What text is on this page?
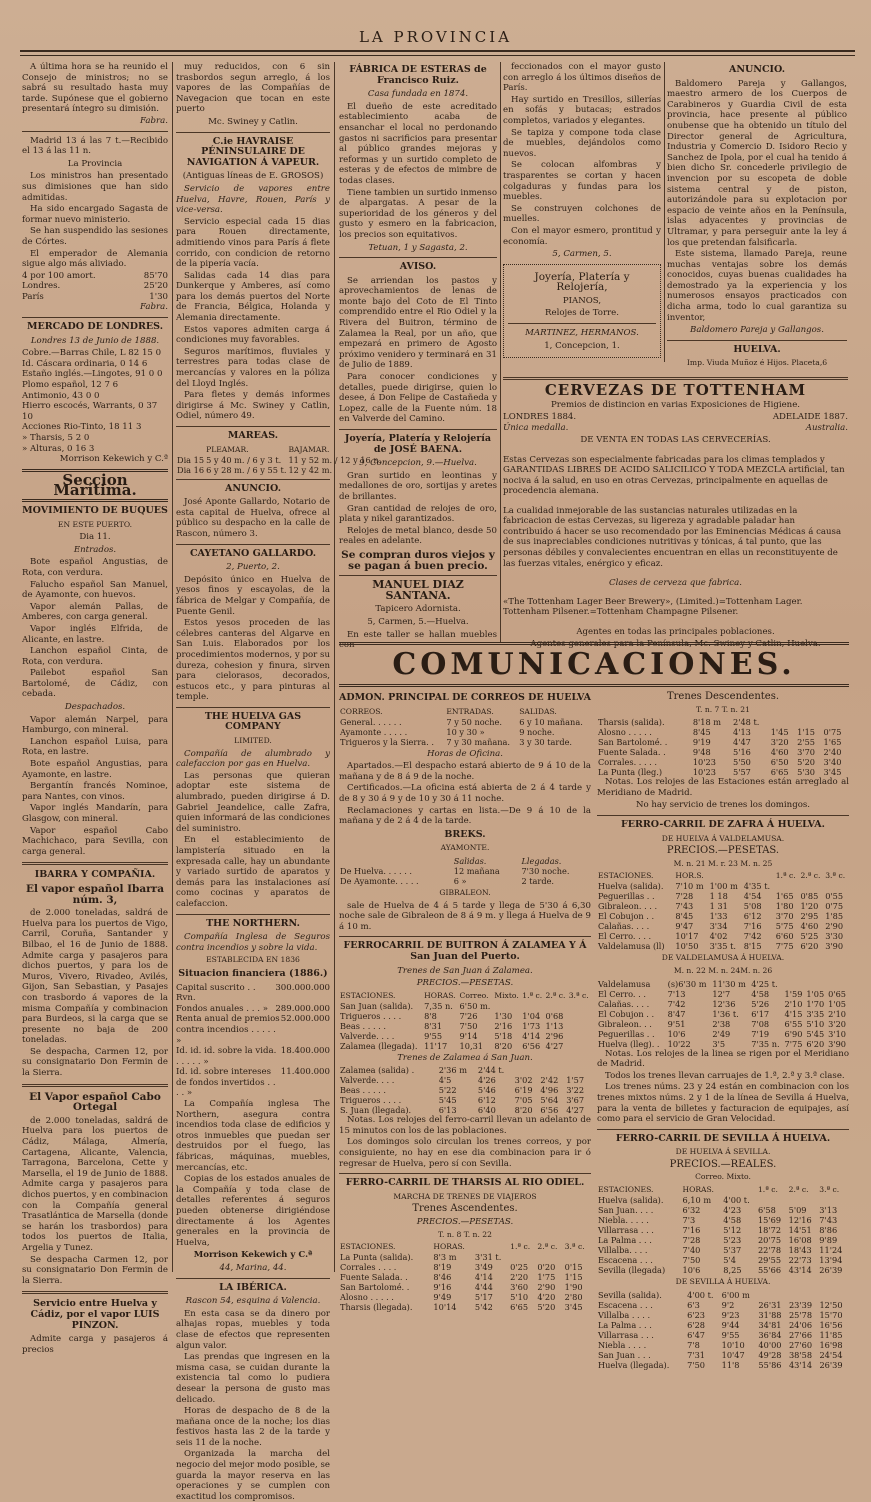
LA PROVINCIA

A última hora se ha reunido el Consejo de ministros; no se sabrá su resultado hasta muy tarde. Supónese que el gobierno presentará íntegro su dimisión.

Fabra.

Madrid 13 á las 7 t.—Recibido el 13 á las 11 n.

La Provincia

Los ministros han presentado sus dimisiones que han sido admitidas.

Ha sido encargado Sagasta de formar nuevo ministerio.

Se han suspendido las sesiones de Córtes.

El emperador de Alemania sigue algo más aliviado.

4 por 100 amort.	85'70
Londres.	25'20
París	1'30
Fabra.
MERCADO DE LONDRES.
Londres 13 de Junio de 1888.
Cobre.—Barras Chile, L 82 15 0
Id. Cáscara ordinaria, 0 14 6
Estaño inglés.—Lingotes, 91 0 0
Plomo español, 12 7 6
Antimonio, 43 0 0
Hierro escocés, Warrants, 0 37 10
Acciones Rio-Tinto, 18 11 3
» Tharsis, 5 2 0
» Alturas, 0 16 3
Morrison Kekewich y C.ª
Seccion Marítima.
MOVIMIENTO DE BUQUES
EN ESTE PUERTO.
Dia 11.
Entrados.

Bote español Angustias, de Rota, con verdura.

Falucho español San Manuel, de Ayamonte, con huevos.

Vapor alemán Pallas, de Amberes, con carga general.

Vapor inglés Elfrida, de Alicante, en lastre.

Lanchon español Cinta, de Rota, con verdura.

Pailebot español San Bartolomé, de Cádiz, con cebada.

Despachados.

Vapor alemán Narpel, para Hamburgo, con mineral.

Lanchon español Luisa, para Rota, en lastre.

Bote español Angustias, para Ayamonte, en lastre.

Bergantín francés Nominoe, para Nantes, con vinos.

Vapor inglés Mandarín, para Glasgow, con mineral.

Vapor español Cabo Machichaco, para Sevilla, con carga general.

IBARRA Y COMPAÑIA.
El vapor español Ibarra núm. 3,

de 2.000 toneladas, saldrá de Huelva para los puertos de Vigo, Carril, Coruña, Santander y Bilbao, el 16 de Junio de 1888. Admite carga y pasajeros para dichos puertos, y para los de Muros, Vivero, Rivadeo, Avilés, Gijon, San Sebastian, y Pasajes con trasbordo á vapores de la misma Compañía y combinacion para Burdeos, si la carga que se presente no baja de 200 toneladas.

Se despacha, Carmen 12, por su consignatario Don Fermin de la Sierra.

El Vapor español Cabo Ortegal

de 2.000 toneladas, saldrá de Huelva para los puertos de Cádiz, Málaga, Almería, Cartagena, Alicante, Valencia, Tarragona, Barcelona, Cette y Marsella, el 19 de Junio de 1888. Admite carga y pasajeros para dichos puertos, y en combinacion con la Compañía general Trasatlántica de Marsella (donde se harán los trasbordos) para todos los puertos de Italia, Argelia y Tunez.

Se despacha Carmen 12, por su consignatario Don Fermin de la Sierra.

Servicio entre Huelva y Cádiz, por el vapor LUIS PINZON.

Admite carga y pasajeros á precios

muy reducidos, con 6 sin trasbordos segun arreglo, á los vapores de las Compañías de Navegacion que tocan en este puerto

Mc. Swiney y Catlin.
C.ie HAVRAISE PÉNINSULAIRE DE NAVIGATION Á VAPEUR.
(Antiguas líneas de E. GROSOS)

Servicio de vapores entre Huelva, Havre, Rouen, París y vice-versa.

Servicio especial cada 15 dias para Rouen directamente, admitiendo vinos para París á flete corrido, con condicion de retorno de la pipería vacía.

Salidas cada 14 dias para Dunkerque y Amberes, así como para los demás puertos del Norte de Francia, Bélgica, Holanda y Alemania directamente.

Estos vapores admiten carga á condiciones muy favorables.

Seguros marítimos, fluviales y terrestres para todas clase de mercancías y valores en la póliza del Lloyd Inglés.

Para fletes y demás informes dirigirse á Mc. Swiney y Catlin, Odiel, número 49.

MAREAS.
	PLEAMAR.	BAJAMAR.
Dia 15	5 y 40 m. / 6 y 3 t.	11 y 52 m. / 12 y 16 n.
Dia 16	6 y 28 m. / 6 y 55 t.	12 y 42 m.
ANUNCIO.

José Aponte Gallardo, Notario de esta capital de Huelva, ofrece al público su despacho en la calle de Rascon, número 3.

CAYETANO GALLARDO.
2, Puerto, 2.

Depósito único en Huelva de yesos finos y escayolas, de la fábrica de Melgar y Compañía, de Puente Genil.

Estos yesos proceden de las célebres canteras del Algarve en San Luis. Elaborados por los procedimientos modernos, y por su dureza, cohesion y finura, sirven para cielorasos, decorados, estucos etc., y para pinturas al temple.

THE HUELVA GAS COMPANY
LIMITED.

Compañía de alumbrado y calefaccion por gas en Huelva.

Las personas que quieran adoptar este sistema de alumbrado, pueden dirigirse á D. Gabriel Jeandelice, calle Zafra, quien informará de las condiciones del suministro.

En el establecimiento de lampistería situado en la expresada calle, hay un abundante y variado surtido de aparatos y demás para las instalaciones así como cocinas y aparatos de calefaccion.

THE NORTHERN.

Compañía Inglesa de Seguros contra incendios y sobre la vida.

ESTABLECIDA EN 1836
Situacion financiera (1886.)
Capital suscrito . . Rvn.
300.000.000
Fondos anuales . . . » 289.000.000
Renta anual de premios contra incendios . . . . . »
52.000.000
Id. id. id. sobre la vida. . . . . . »
18.400.000
Id. id. sobre intereses de fondos invertidos . . . . »
11.400.000

La Compañía inglesa The Northern, asegura contra incendios toda clase de edificios y otros inmuebles que puedan ser destruidos por el fuego, las fábricas, máquinas, muebles, mercancías, etc.

Copias de los estados anuales de la Compañía y toda clase de detalles referentes á seguros pueden obtenerse dirigiéndose directamente á los Agentes generales en la provincia de Huelva,

Morrison Kekewich y C.ª
44, Marina, 44.
LA IBÉRICA.
Rascon 54, esquina á Valencia.

En esta casa se da dinero por alhajas ropas, muebles y toda clase de efectos que representen algun valor.

Las prendas que ingresen en la misma casa, se cuidan durante la existencia tal como lo pudiera desear la persona de gusto mas delicado.

Horas de despacho de 8 de la mañana once de la noche; los dias festivos hasta las 2 de la tarde y seis 11 de la noche.

Organizada la marcha del negocio del mejor modo posible, se guarda la mayor reserva en las operaciones y se cumplen con exactitud los compromisos.

FÁBRICA DE ESTERAS de Francisco Ruiz.
Casa fundada en 1874.

El dueño de este acreditado establecimiento acaba de ensanchar el local no perdonando gastos ni sacrificios para presentar al público grandes mejoras y reformas y un surtido completo de esteras y de efectos de mimbre de todas clases.

Tiene tambien un surtido inmenso de alpargatas. A pesar de la superioridad de los géneros y del gusto y esmero en la fabricacion, los precios son equitativos.

Tetuan, 1 y Sagasta, 2.
AVISO.

Se arriendan los pastos y aprovechamientos de lenas de monte bajo del Coto de El Tinto comprendido entre el Rio Odiel y la Rivera del Buitron, término de Zalamea la Real, por un año, que empezará en primero de Agosto próximo venidero y terminará en 31 de Julio de 1889.

Para conocer condiciones y detalles, puede dirigirse, quien lo desee, á Don Felipe de Castañeda y Lopez, calle de la Fuente núm. 18 en Valverde del Camino.

Joyería, Platería y Relojería de JOSÉ BAENA.
9, Concepcion, 9.—Huelva.

Gran surtido en leontinas y medallones de oro, sortijas y aretes de brillantes.

Gran cantidad de relojes de oro, plata y nikel garantizados.

Relojes de metal blanco, desde 50 reales en adelante.

Se compran duros viejos y se pagan á buen precio.
MANUEL DIAZ SANTANA.
Tapicero Adornista.
5, Carmen, 5.—Huelva.

En este taller se hallan muebles con

feccionados con el mayor gusto con arreglo á los últimos diseños de París.

Hay surtido en Tresillos, sillerías en sofás y butacas; estrados completos, variados y elegantes.

Se tapiza y compone toda clase de muebles, dejándolos como nuevos.

Se colocan alfombras y trasparentes se cortan y hacen colgaduras y fundas para los muebles.

Se construyen colchones de muelles.

Con el mayor esmero, prontitud y economía.

5, Carmen, 5.
Joyería, Platería y Relojería,
PIANOS,
Relojes de Torre.
MARTINEZ, HERMANOS.
1, Concepcion, 1.
ANUNCIO.

Baldomero Pareja y Gallangos, maestro armero de los Cuerpos de Carabineros y Guardia Civil de esta provincia, hace presente al público onubense que ha obtenido un título del Director general de Agricultura, Industria y Comercio D. Isidoro Recio y Sanchez de Ipola, por el cual ha tenido á bien dicho Sr. concederle privilegio de invencion por su escopeta de doble sistema central y de piston, autorizándole para su explotacion por espacio de veinte años en la Península, islas adyacentes y provincias de Ultramar, y para perseguir ante la ley á los que pretendan falsificarla.

Este sistema, llamado Pareja, reune muchas ventajas sobre los demás conocidos, cuyas buenas cualidades ha demostrado ya la experiencia y los numerosos ensayos practicados con dicha arma, todo lo cual garantiza su inventor,

Baldomero Pareja y Gallangos.
HUELVA.
Imp. Viuda Muñoz é Hijos. Placeta,6
CERVEZAS DE TOTTENHAM
Premios de distincion en varias Exposiciones de Higiene.
LONDRES 1884.	ADELAIDE 1887.
Única medalla.	Australia.
DE VENTA EN TODAS LAS CERVECERÍAS.

Estas Cervezas son especialmente fabricadas para los climas templados y GARANTIDAS LIBRES DE ACIDO SALICILICO Y TODA MEZCLA artificial, tan nociva á la salud, en uso en otras Cervezas, principalmente en aquellas de procedencia alemana.

La cualidad inmejorable de las sustancias naturales utilizadas en la fabricacion de estas Cervezas, su ligereza y agradable paladar han contribuido á hacer se uso recomendado por las Eminencias Médicas á causa de sus inapreciables condiciones nutritivas y tónicas, á tal punto, que las personas débiles y convalecientes encuentran en ellas un reconstituyente de las fuerzas vitales, enérgico y eficaz.

Clases de cerveza que fabrica.

«The Tottenham Lager Beer Brewery», (Limited.)=Tottenham Lager. Tottenham Pilsener.=Tottenham Champagne Pilsener.

Agentes en todas las principales poblaciones.
Agentes generales para la Península, Mc. Swiney y Catlin, Huelva.
COMUNICACIONES.
ADMON. PRINCIPAL DE CORREOS DE HUELVA
CORREOS.	ENTRADAS.	SALIDAS.
General. . . . . .	7 y 50 noche.	6 y 10 mañana.
Ayamonte . . . . .	10 y 30 »	9 noche.
Trigueros y la Sierra. .	7 y 30 mañana.	3 y 30 tarde.
Horas de Oficina.

Apartados.—El despacho estará abierto de 9 á 10 de la mañana y de 8 á 9 de la noche.

Certificados.—La oficina está abierta de 2 á 4 tarde y de 8 y 30 á 9 y de 10 y 30 á 11 noche.

Reclamaciones y cartas en lista.—De 9 á 10 de la mañana y de 2 á 4 de la tarde.

BREKS.
AYAMONTE.
	Salidas.	Llegadas.
De Huelva. . . . . .	12 mañana	7'30 noche.
De Ayamonte. . . . .	6 »	2 tarde.
GIBRALEON.

sale de Huelva de 4 á 5 tarde y llega de 5'30 á 6,30 noche sale de Gibraleon de 8 á 9 m. y llega á Huelva de 9 á 10 m.

FERROCARRIL DE BUITRON Á ZALAMEA Y Á San Juan del Puerto.
Trenes de San Juan á Zalamea.
PRECIOS.—PESETAS.
ESTACIONES.	HORAS.	Correo.	Mixto.	1.ª c.	2.ª c.	3.ª c.
San Juan (salida).	7,35 n.	6'50 m.				
Trigueros . . . .	8'8	7'26	1'30	1'04	0'68	
Beas . . . . .	8'31	7'50	2'16	1'73	1'13	
Valverde. . . .	9'55	9'14	5'18	4'14	2'96	
Zalamea (llegada).	11'17	10,31	8'20	6'56	4'27	
Trenes de Zalamea á San Juan.
Zalamea (salida) .	2'36 m	2'44 t.			
Valverde. . . .	4'5	4'26	3'02	2'42	1'57
Beas . . . . .	5'22	5'46	6'19	4'96	3'22
Trigueros . . . .	5'45	6'12	7'05	5'64	3'67
S. Juan (llegada).	6'13	6'40	8'20	6'56	4'27

Notas. Los relojes del ferro-carril llevan un adelanto de 15 minutos con los de las poblaciones.

Los domingos solo circulan los trenes correos, y por consiguiente, no hay en ese dia combinacion para ir ó regresar de Huelva, pero sí con Sevilla.

FERRO-CARRIL DE THARSIS AL RIO ODIEL.
MARCHA DE TRENES DE VIAJEROS
Trenes Ascendentes.
PRECIOS.—PESETAS.
T. n. 8 T. n. 22
ESTACIONES.	HORAS.		1.ª c.	2.ª c.	3.ª c.
La Punta (salida).	8'3 m	3'31 t.			
Corrales . . . .	8'19	3'49	0'25	0'20	0'15
Fuente Salada. .	8'46	4'14	2'20	1'75	1'15
San Bartolomé. .	9'16	4'44	3'60	2'90	1'90
Alosno . . . . .	9'49	5'17	5'10	4'20	2'80
Tharsis (llegada).	10'14	5'42	6'65	5'20	3'45
Trenes Descendentes.
T. n. 7 T. n. 21
Tharsis (salida).	8'18 m	2'48 t.			
Alosno . . . . .	8'45	4'13	1'45	1'15	0'75
San Bartolomé. .	9'19	4'47	3'20	2'55	1'65
Fuente Salada. .	9'48	5'16	4'60	3'70	2'40
Corrales. . . . .	10'23	5'50	6'50	5'20	3'40
La Punta (lleg.)	10'23	5'57	6'65	5'30	3'45

Notas. Los relojes de las Estaciones están arreglado al Meridiano de Madrid.

No hay servicio de trenes los domingos.
FERRO-CARRIL DE ZAFRA Á HUELVA.
DE HUELVA Á VALDELAMUSA.
PRECIOS.—PESETAS.
M. n. 21 M. r. 23 M. n. 25
ESTACIONES.	HOR.S.			1.ª c.	2.ª c.	3.ª c.
Huelva (salida).	7'10 m	1'00 m	4'35 t.			
Peguerillas . .	7'28	1 18	4'54	1'65	0'85	0'55
Gibraleon. . . .	7'43	1 31	5'08	1'80	1'20	0'75
El Cobujon . .	8'45	1'33	6'12	3'70	2'95	1'85
Calañas. . . .	9'47	3'34	7'16	5'75	4'60	2'90
El Cerro. . . .	10'17	4'02	7'42	6'60	5'25	3'30
Valdelamusa (ll)	10'50	3'35 t.	8'15	7'75	6'20	3'90
DE VALDELAMUSA Á HUELVA.
M. n. 22 M. n. 24M. n. 26
Valdelamusa	(s)6'30 m	11'30 m	4'25 t.			
El Cerro. . .	7'13	12'7	4'58	1'59	1'05	0'65
Calañas. . . .	7'42	12'36	5'26	2'10	1'70	1'05
El Cobujon . .	8'47	1'36 t.	6'17	4'15	3'35	2'10
Gibraleon. . .	9'51	2'38	7'08	6'55	5'10	3'20
Peguerillas . .	10'6	2'49	7'19	6'90	5'45	3'10
Huelva (lleg). .	10'22	3'5	7'35 n.	7'75	6'20	3'90

Notas. Los relojes de la linea se rigen por el Meridiano de Madrid.

Todos los trenes llevan carruajes de 1.ª, 2.ª y 3.ª clase.

Los trenes núms. 23 y 24 están en combinacion con los trenes mixtos núms. 2 y 1 de la línea de Sevilla á Huelva, para la venta de billetes y facturacion de equipajes, así como para el servicio de Gran Velocidad.

FERRO-CARRIL DE SEVILLA Á HUELVA.
DE HUELVA Á SEVILLA.
PRECIOS.—REALES.
Correo. Mixto.
ESTACIONES.	HORAS.		1.ª c.	2.ª c.	3.ª c.
Huelva (salida).	6,10 m	4'00 t.			
San Juan. . . .	6'32	4'23	6'58	5'09	3'13
Niebla. . . . .	7'3	4'58	15'69	12'16	7'43
Villarrasa . . .	7'16	5'12	18'72	14'51	8'86
La Palma . . .	7'28	5'23	20'75	16'08	9'89
Villalba. . . .	7'40	5'37	22'78	18'43	11'24
Escacena . . .	7'50	5'4	29'55	22'73	13'94
Sevilla (llegada)	10'6	8,25	55'66	43'14	26'39
DE SEVILLA Á HUELVA.
Sevilla (salida).	4'00 t.	6'00 m			
Escacena . . .	6'3	9'2	26'31	23'39	12'50
Villalba . . . .	6'23	9'23	31'88	25'78	15'70
La Palma . . .	6'28	9'44	34'81	24'06	16'56
Villarrasa . . .	6'47	9'55	36'84	27'66	11'85
Niebla . . . .	7'8	10'10	40'00	27'60	16'98
San Juan . . .	7'31	10'47	49'28	38'58	24'54
Huelva (llegada).	7'50	11'8	55'86	43'14	26'39
